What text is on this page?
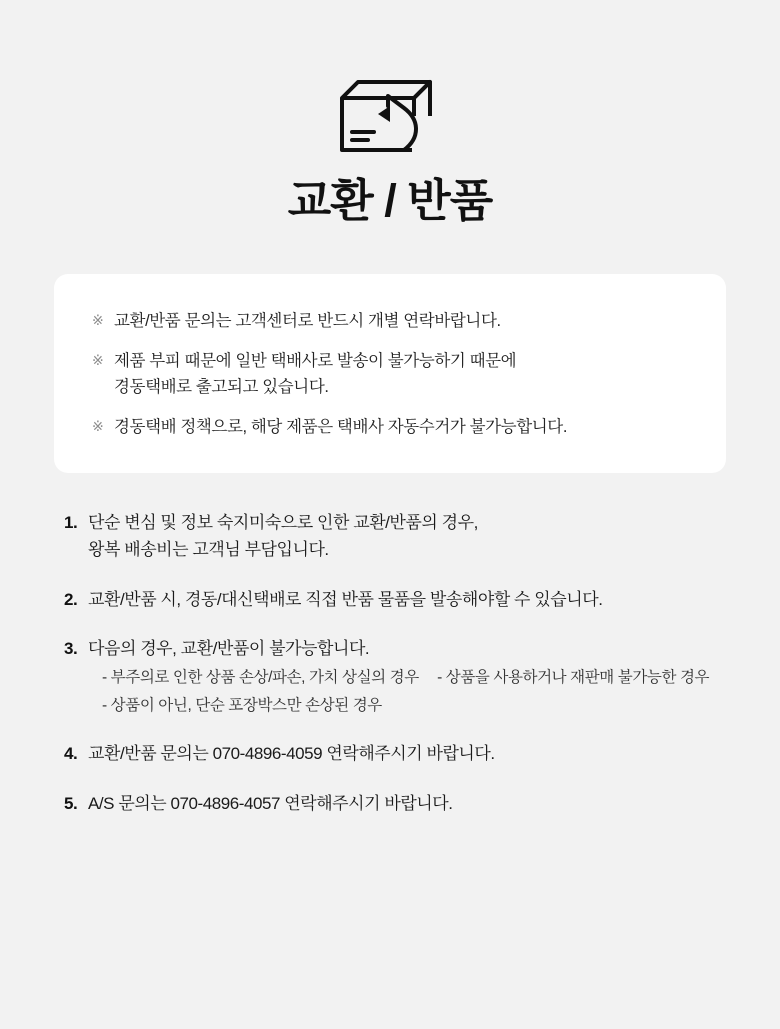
교환 / 반품
※ 교환/반품 문의는 고객센터로 반드시 개별 연락바랍니다.
※ 제품 부피 때문에 일반 택배사로 발송이 불가능하기 때문에
경동택배로 출고되고 있습니다.
※ 경동택배 정책으로, 해당 제품은 택배사 자동수거가 불가능합니다.
1. 단순 변심 및 정보 숙지미숙으로 인한 교환/반품의 경우,
왕복 배송비는 고객님 부담입니다.
2. 교환/반품 시, 경동/대신택배로 직접 반품 물품을 발송해야할 수 있습니다.
3. 다음의 경우, 교환/반품이 불가능합니다.
- 부주의로 인한 상품 손상/파손, 가치 상실의 경우 - 상품을 사용하거나 재판매 불가능한 경우 - 상품이 아닌, 단순 포장박스만 손상된 경우
4. 교환/반품 문의는 070-4896-4059 연락해주시기 바랍니다.
5. A/S 문의는 070-4896-4057 연락해주시기 바랍니다.
